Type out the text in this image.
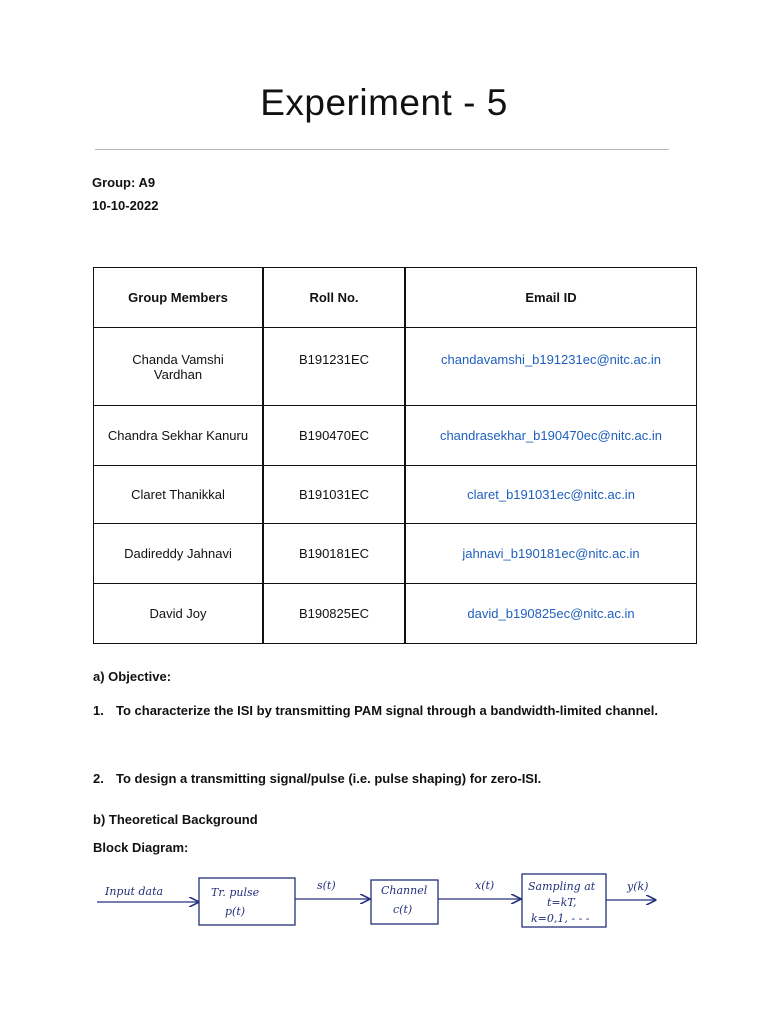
Experiment - 5
Group: A9
10-10-2022
Group Members	Roll No.	Email ID
Chanda Vamshi
Vardhan	B191231EC	chandavamshi_b191231ec@nitc.ac.in
Chandra Sekhar Kanuru	B190470EC	chandrasekhar_b190470ec@nitc.ac.in
Claret Thanikkal	B191031EC	claret_b191031ec@nitc.ac.in
Dadireddy Jahnavi	B190181EC	jahnavi_b190181ec@nitc.ac.in
David Joy	B190825EC	david_b190825ec@nitc.ac.in
a) Objective:
1. To characterize the ISI by transmitting PAM signal through a bandwidth-limited channel.
2. To design a transmitting signal/pulse (i.e. pulse shaping) for zero-ISI.
b) Theoretical Background
Block Diagram:
Input data	Tr. pulse
p(t)
s(t)	Channel
c(t)
x(t)	Sampling at
t=kT,
k=0,1, - - -
y(k)
